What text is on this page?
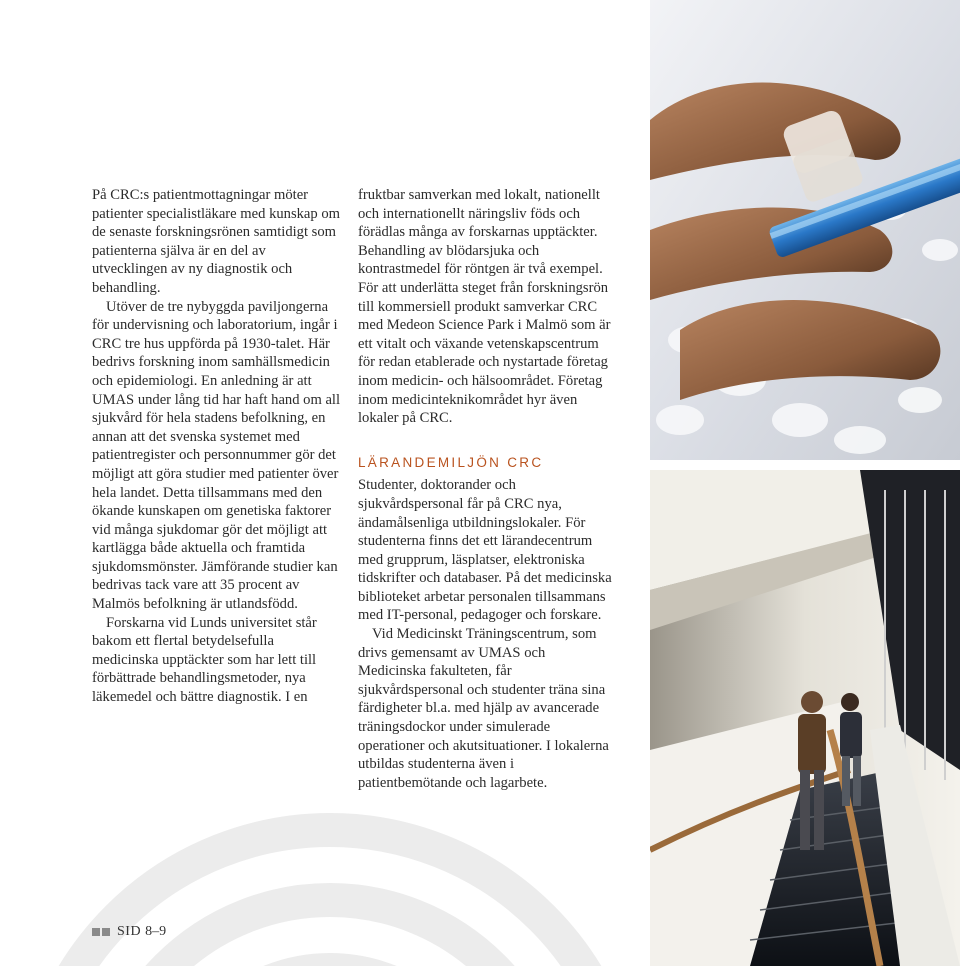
På CRC:s patientmottagningar möter patienter specialistläkare med kunskap om de senaste forskningsrönen samtidigt som patienterna själva är en del av utvecklingen av ny diagnostik och behandling.

Utöver de tre nybyggda paviljongerna för undervisning och laboratorium, ingår i CRC tre hus uppförda på 1930-talet. Här bedrivs forskning inom samhällsmedicin och epidemiologi. En anledning är att UMAS under lång tid har haft hand om all sjukvård för hela stadens befolkning, en annan att det svenska systemet med patientregister och personnummer gör det möjligt att göra studier med patienter över hela landet. Detta tillsammans med den ökande kunskapen om genetiska faktorer vid många sjukdomar gör det möjligt att kartlägga både aktuella och framtida sjukdomsmönster. Jämförande studier kan bedrivas tack vare att 35 procent av Malmös befolkning är utlandsfödd.

Forskarna vid Lunds universitet står bakom ett flertal betydelsefulla medicinska upptäckter som har lett till förbättrade behandlingsmetoder, nya läkemedel och bättre diagnostik. I en

fruktbar samverkan med lokalt, nationellt och internationellt näringsliv föds och förädlas många av forskarnas upptäckter. Behandling av blödarsjuka och kontrastmedel för röntgen är två exempel. För att underlätta steget från forskningsrön till kommersiell produkt samverkar CRC med Medeon Science Park i Malmö som är ett vitalt och växande vetenskapscentrum för redan etablerade och nystartade företag inom medicin- och hälsoområdet. Företag inom medicinteknikområdet hyr även lokaler på CRC.

LÄRANDEMILJÖN CRC

Studenter, doktorander och sjukvårdspersonal får på CRC nya, ändamålsenliga utbildningslokaler. För studenterna finns det ett lärandecentrum med grupprum, läsplatser, elektroniska tidskrifter och databaser. På det medicinska biblioteket arbetar personalen tillsammans med IT-personal, pedagoger och forskare.

Vid Medicinskt Träningscentrum, som drivs gemensamt av UMAS och Medicinska fakulteten, får sjukvårdspersonal och studenter träna sina färdigheter bl.a. med hjälp av avancerade träningsdockor under simulerade operationer och akutsituationer. I lokalerna utbildas studenterna även i patientbemötande och lagarbete.

SID 8–9
